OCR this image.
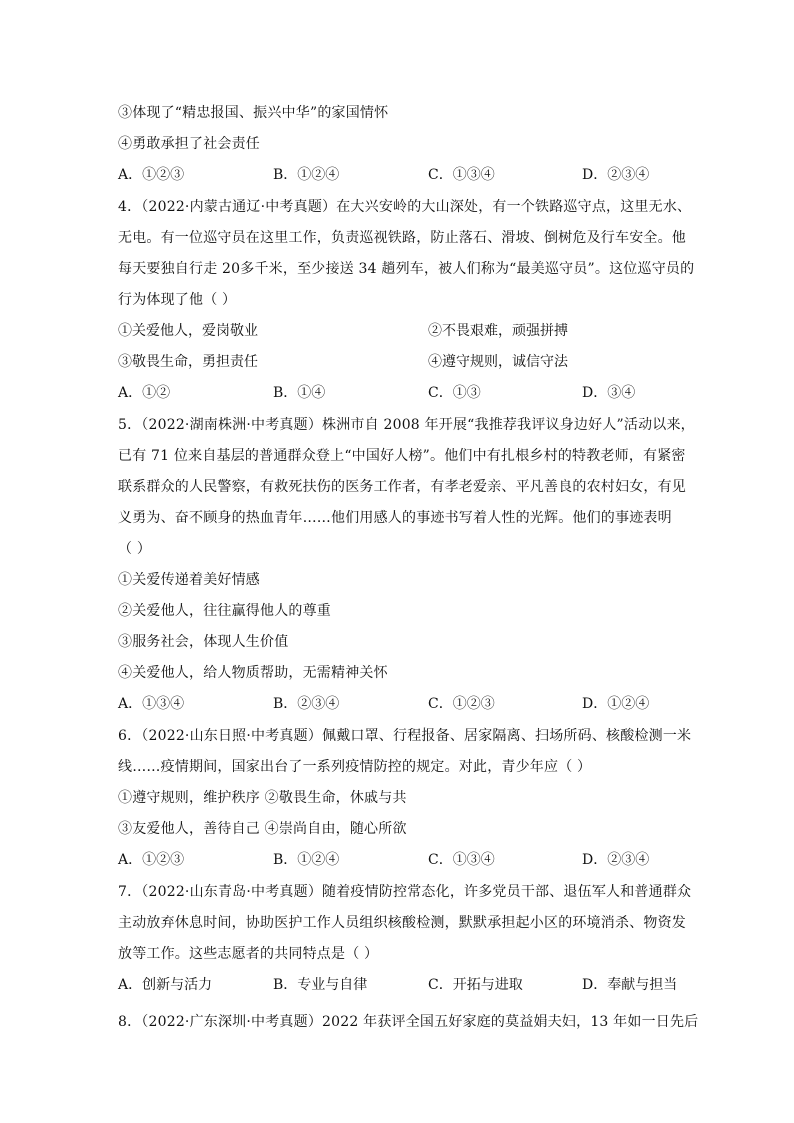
③体现了“精忠报国、振兴中华”的家国情怀
④勇敢承担了社会责任
A．①②③	B．①②④	C．①③④	D．②③④
4．（2022·内蒙古通辽·中考真题）在大兴安岭的大山深处，有一个铁路巡守点，这里无水、
无电。有一位巡守员在这里工作，负责巡视铁路，防止落石、滑坡、倒树危及行车安全。他
每天要独自行走 20多千米，至少接送 34 趟列车，被人们称为“最美巡守员”。这位巡守员的
行为体现了他（ ）
①关爱他人，爱岗敬业	②不畏艰难，顽强拼搏
③敬畏生命，勇担责任	④遵守规则，诚信守法
A．①②	B．①④	C．①③	D．③④
5．（2022·湖南株洲·中考真题）株洲市自 2008 年开展“我推荐我评议身边好人”活动以来，
已有 71 位来自基层的普通群众登上“中国好人榜”。他们中有扎根乡村的特教老师，有紧密
联系群众的人民警察，有救死扶伤的医务工作者，有孝老爱亲、平凡善良的农村妇女，有见
义勇为、奋不顾身的热血青年……他们用感人的事迹书写着人性的光辉。他们的事迹表明
（ ）
①关爱传递着美好情感
②关爱他人，往往赢得他人的尊重
③服务社会，体现人生价值
④关爱他人，给人物质帮助，无需精神关怀
A．①③④	B．②③④	C．①②③	D．①②④
6．（2022·山东日照·中考真题）佩戴口罩、行程报备、居家隔离、扫场所码、核酸检测一米
线……疫情期间，国家出台了一系列疫情防控的规定。对此，青少年应（ ）
①遵守规则，维护秩序 ②敬畏生命，休戚与共
③友爱他人，善待自己 ④崇尚自由，随心所欲
A．①②③	B．①②④	C．①③④	D．②③④
7．（2022·山东青岛·中考真题）随着疫情防控常态化，许多党员干部、退伍军人和普通群众
主动放弃休息时间，协助医护工作人员组织核酸检测，默默承担起小区的环境消杀、物资发
放等工作。这些志愿者的共同特点是（ ）
A．创新与活力	B．专业与自律	C．开拓与进取	D．奉献与担当
8．（2022·广东深圳·中考真题）2022 年获评全国五好家庭的莫益娟夫妇，13 年如一日先后
